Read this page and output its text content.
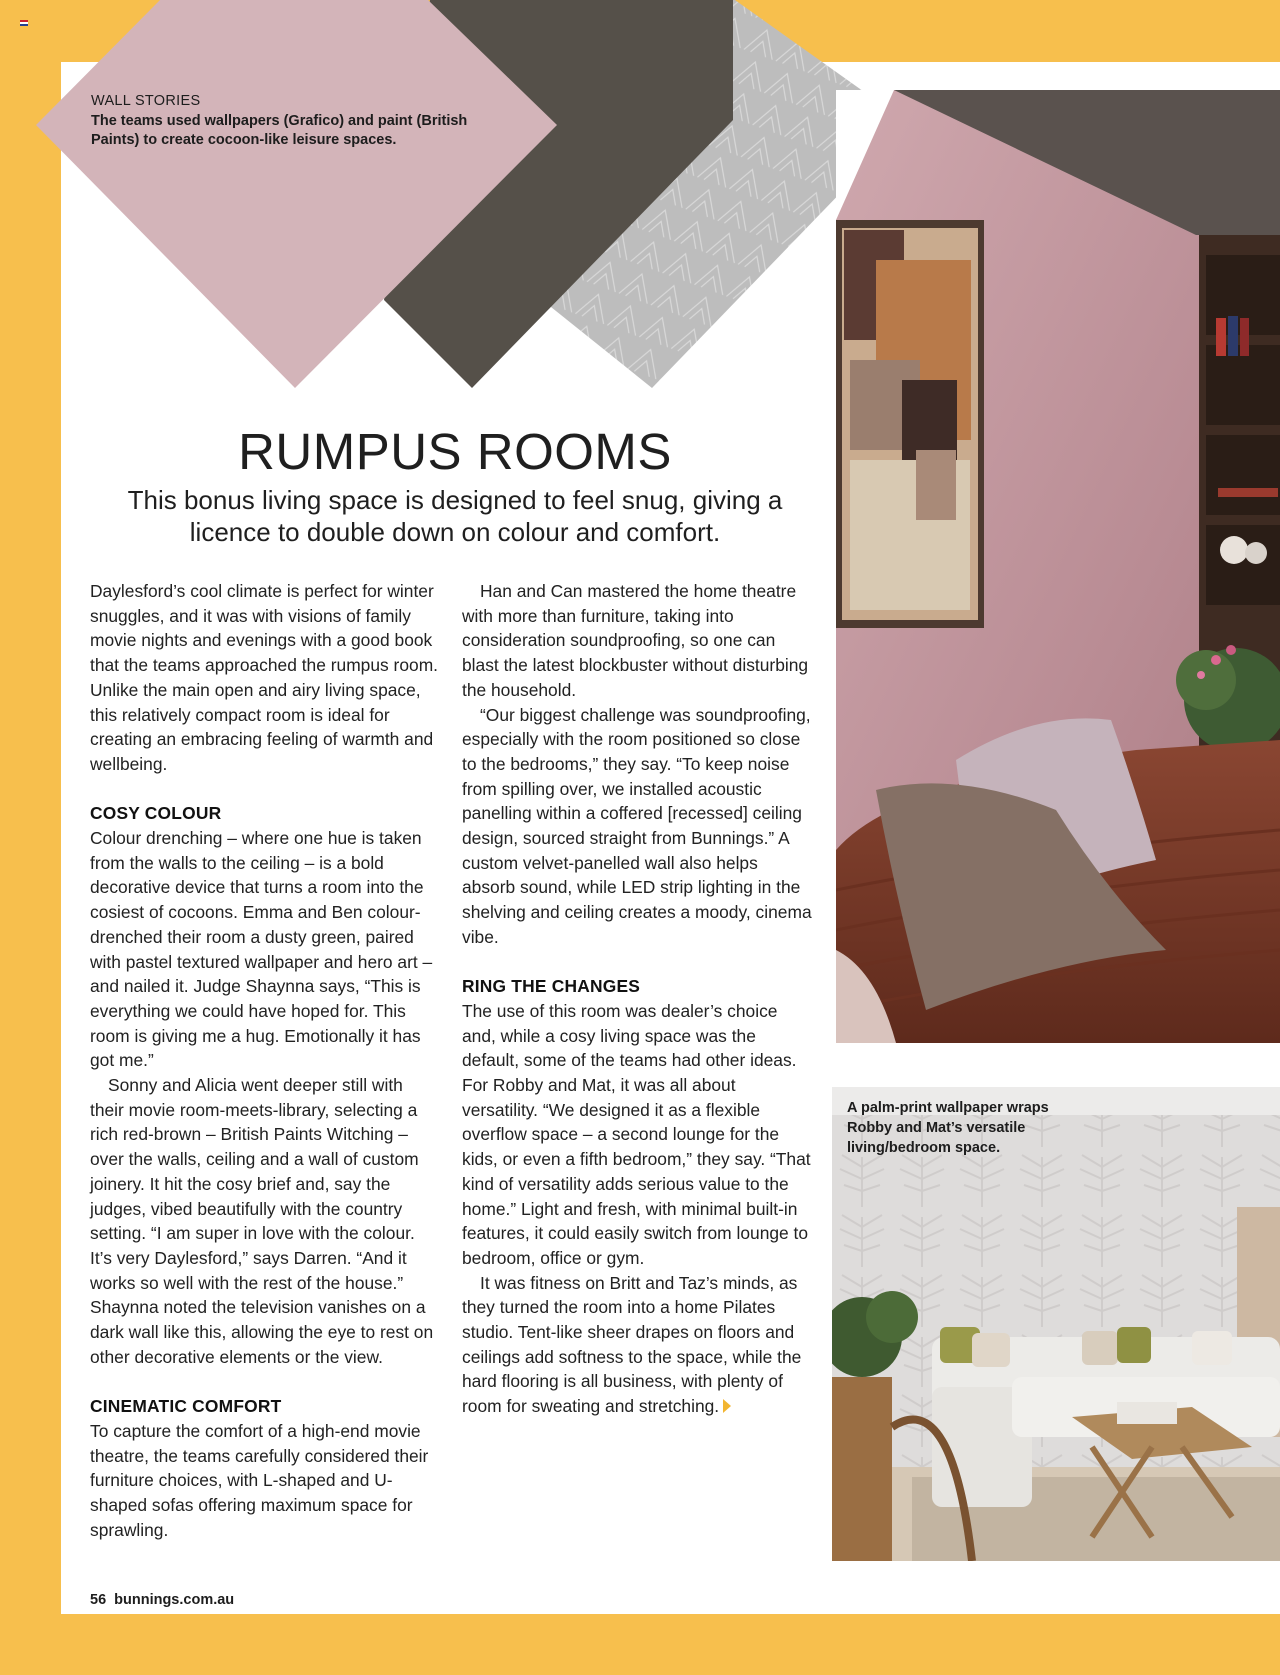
WALL STORIES
The teams used wallpapers (Grafico) and paint (British Paints) to create cocoon-like leisure spaces.
RUMPUS ROOMS
This bonus living space is designed to feel snug, giving a licence to double down on colour and comfort.

Daylesford’s cool climate is perfect for winter snuggles, and it was with visions of family movie nights and evenings with a good book that the teams approached the rumpus room. Unlike the main open and airy living space, this relatively compact room is ideal for creating an embracing feeling of warmth and wellbeing.

COSY COLOUR

Colour drenching – where one hue is taken from the walls to the ceiling – is a bold decorative device that turns a room into the cosiest of cocoons. Emma and Ben colour-drenched their room a dusty green, paired with pastel textured wallpaper and hero art – and nailed it. Judge Shaynna says, “This is everything we could have hoped for. This room is giving me a hug. Emotionally it has got me.”

Sonny and Alicia went deeper still with their movie room-meets-library, selecting a rich red-brown – British Paints Witching – over the walls, ceiling and a wall of custom joinery. It hit the cosy brief and, say the judges, vibed beautifully with the country setting. “I am super in love with the colour. It’s very Daylesford,” says Darren. “And it works so well with the rest of the house.” Shaynna noted the television vanishes on a dark wall like this, allowing the eye to rest on other decorative elements or the view.

CINEMATIC COMFORT

To capture the comfort of a high-end movie theatre, the teams carefully considered their furniture choices, with L-shaped and U-shaped sofas offering maximum space for sprawling.

Han and Can mastered the home theatre with more than furniture, taking into consideration soundproofing, so one can blast the latest blockbuster without disturbing the household.

“Our biggest challenge was soundproofing, especially with the room positioned so close to the bedrooms,” they say. “To keep noise from spilling over, we installed acoustic panelling within a coffered [recessed] ceiling design, sourced straight from Bunnings.” A custom velvet-panelled wall also helps absorb sound, while LED strip lighting in the shelving and ceiling creates a moody, cinema vibe.

RING THE CHANGES

The use of this room was dealer’s choice and, while a cosy living space was the default, some of the teams had other ideas. For Robby and Mat, it was all about versatility. “We designed it as a flexible overflow space – a second lounge for the kids, or even a fifth bedroom,” they say. “That kind of versatility adds serious value to the home.” Light and fresh, with minimal built-in features, it could easily switch from lounge to bedroom, office or gym.

It was fitness on Britt and Taz’s minds, as they turned the room into a home Pilates studio. Tent-like sheer drapes on floors and ceilings add softness to the space, while the hard flooring is all business, with plenty of room for sweating and stretching.

A palm-print wallpaper wraps Robby and Mat’s versatile living/bedroom space.
56 bunnings.com.au
